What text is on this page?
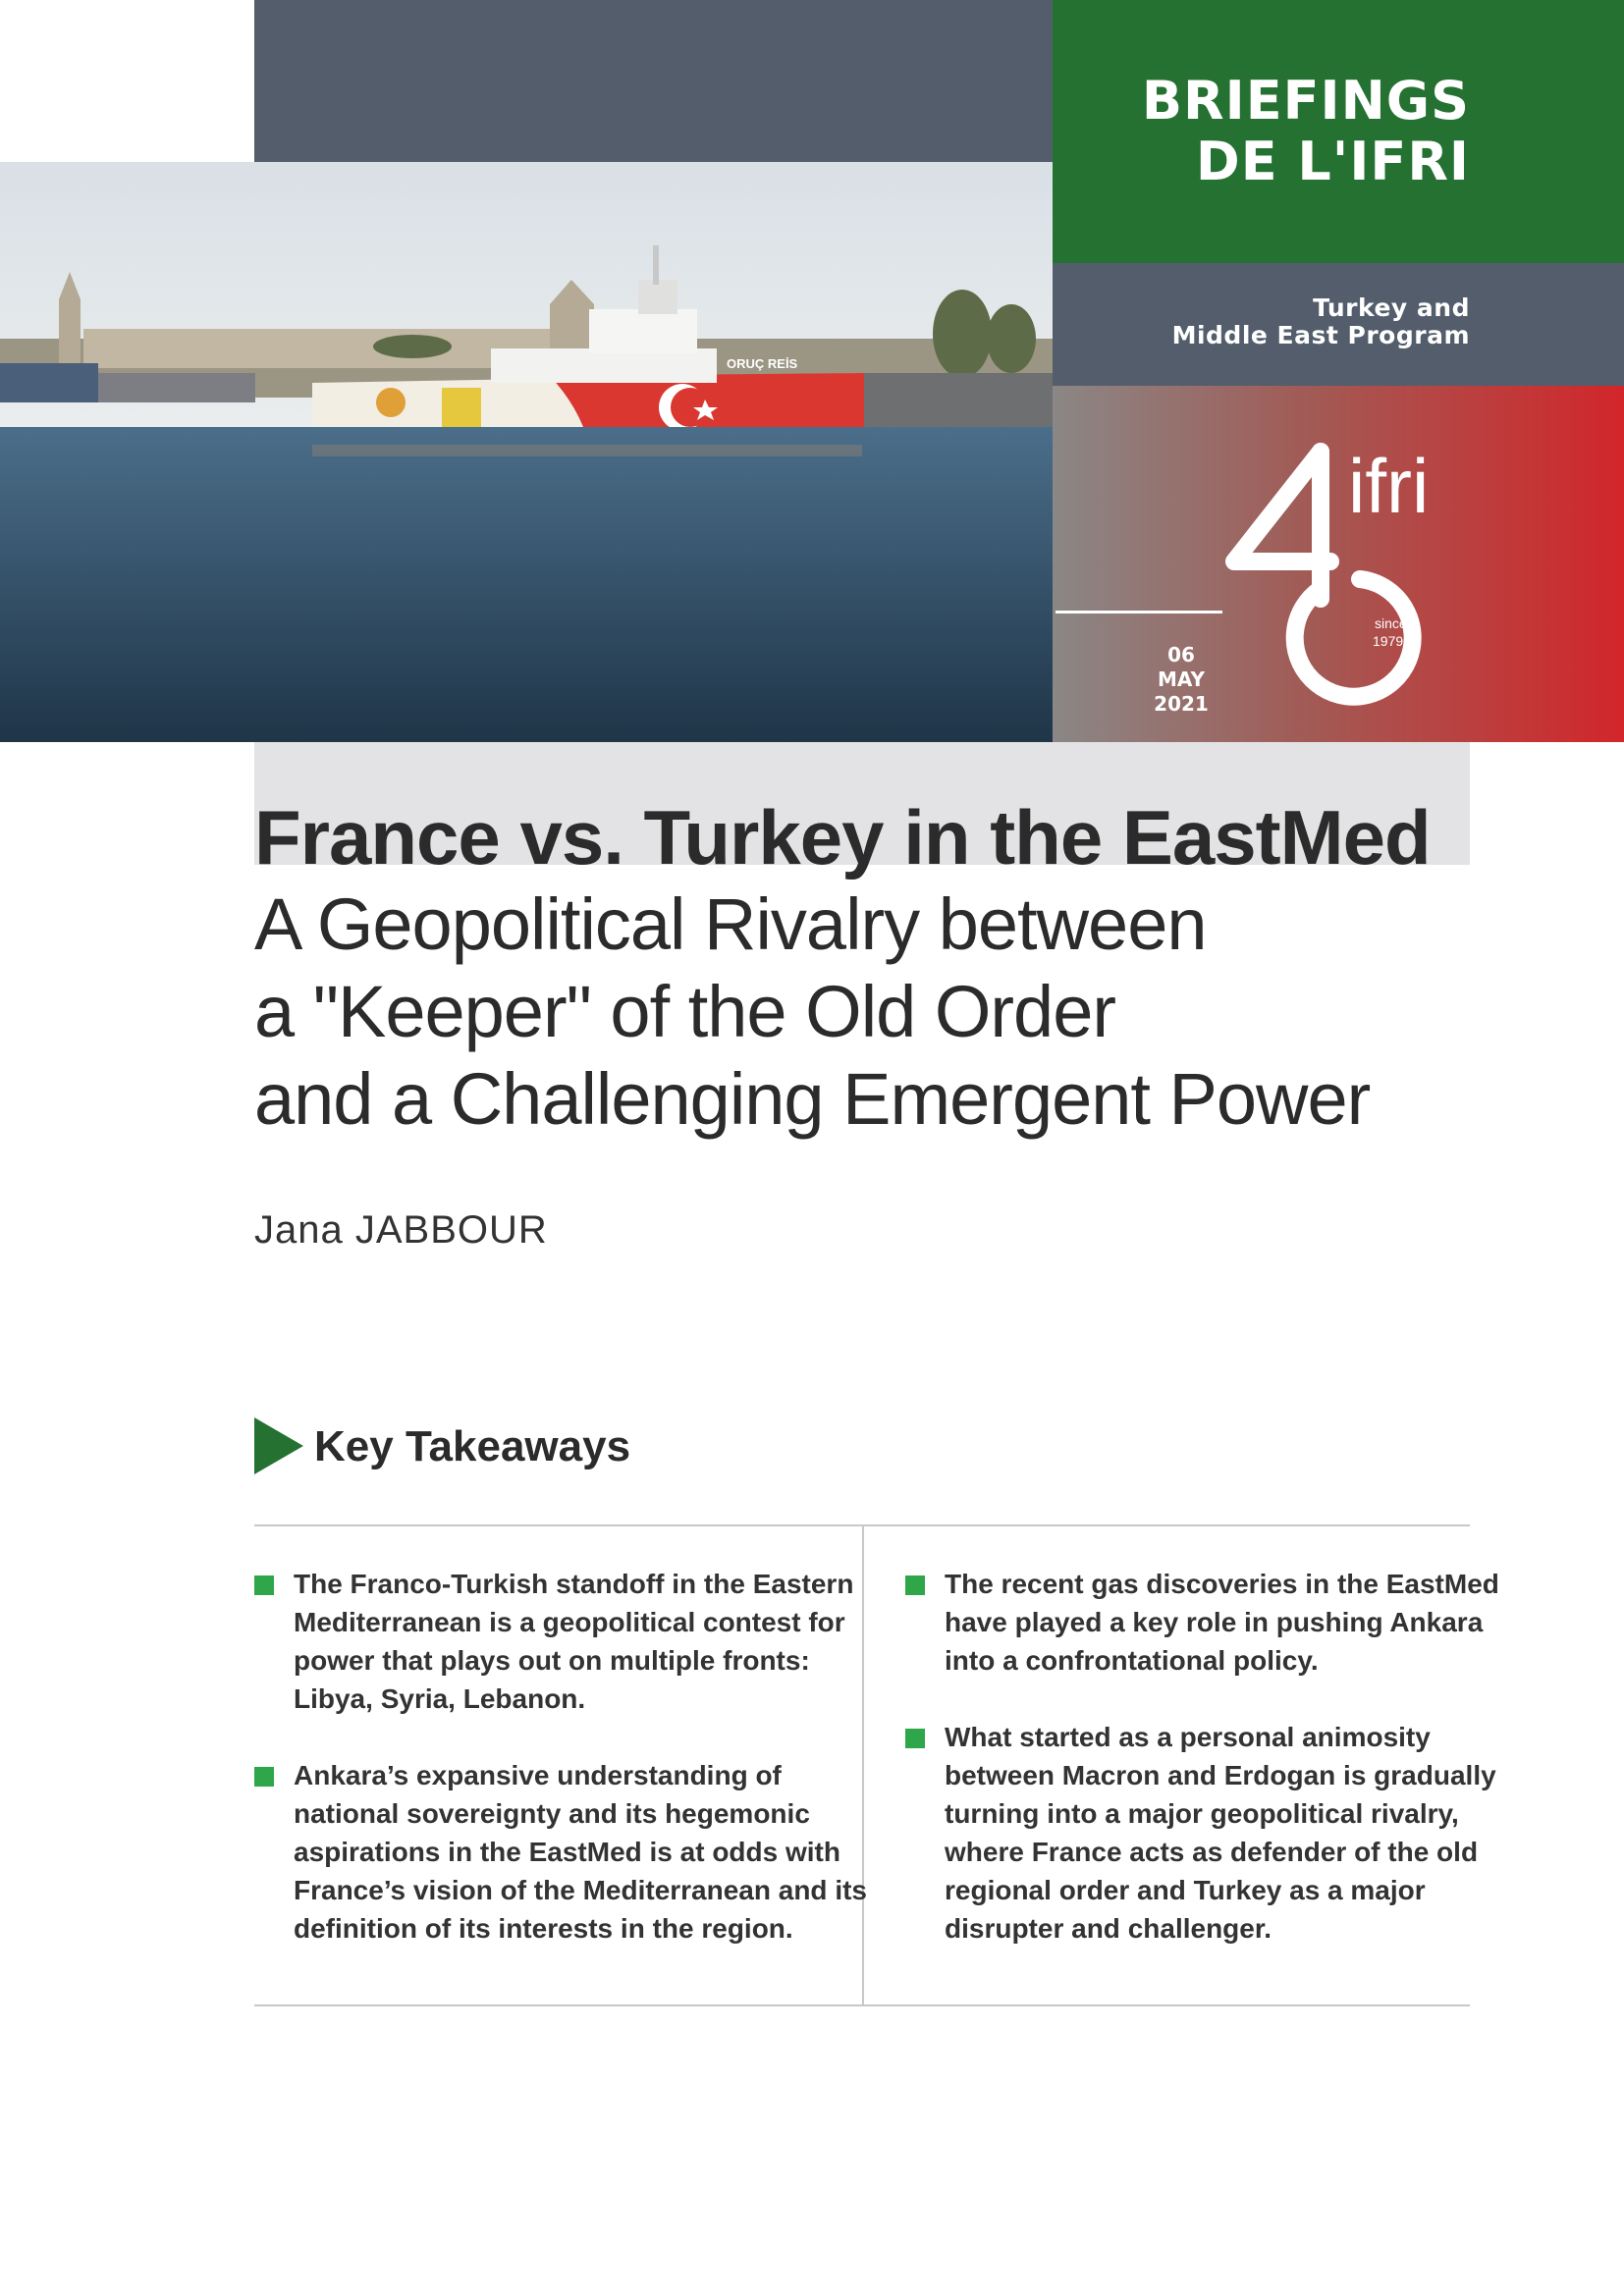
BRIEFINGS
DE L'IFRI
Turkey and
Middle East Program
06
MAY
2021
ifri
since
1979
ORUÇ REİS
France vs. Turkey in the EastMed
A Geopolitical Rivalry between
a "Keeper" of the Old Order
and a Challenging Emergent Power
Jana JABBOUR
Key Takeaways
The Franco-Turkish standoff in the Eastern Mediterranean is a geopolitical contest for power that plays out on multiple fronts: Libya, Syria, Lebanon.
Ankara’s expansive understanding of national sovereignty and its hegemonic aspirations in the EastMed is at odds with France’s vision of the Mediterranean and its definition of its interests in the region.
The recent gas discoveries in the EastMed have played a key role in pushing Ankara into a confrontational policy.
What started as a personal animosity between Macron and Erdogan is gradually turning into a major geopolitical rivalry, where France acts as defender of the old regional order and Turkey as a major disrupter and challenger.
